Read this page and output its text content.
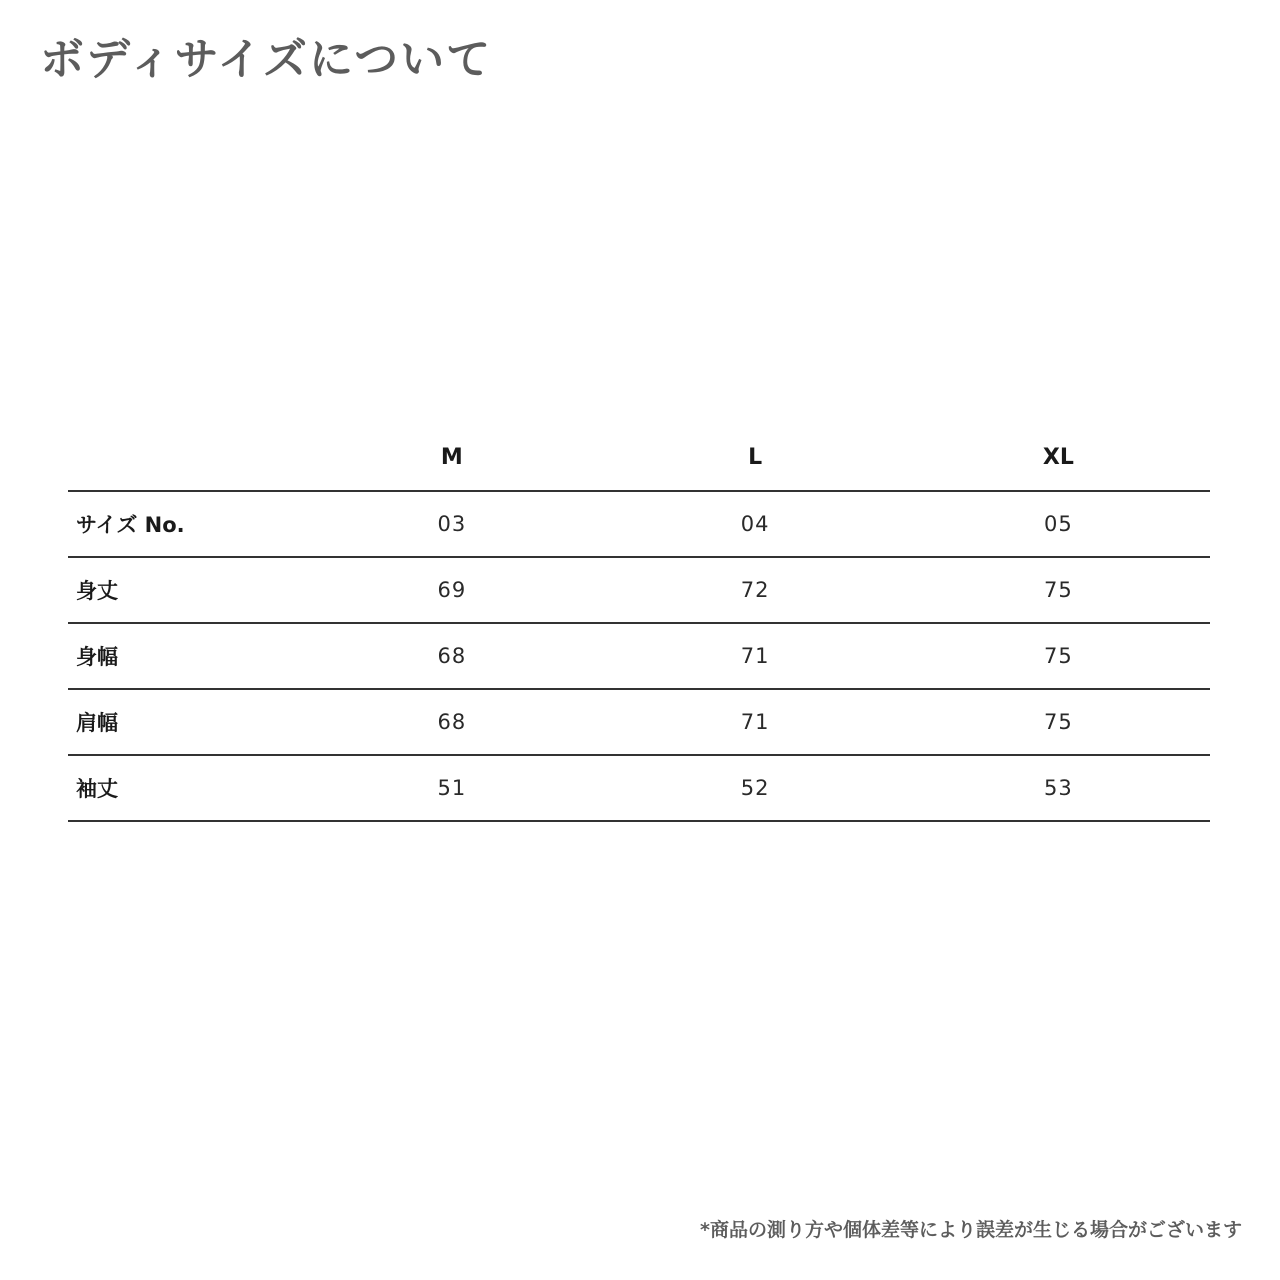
ボディサイズについて
	M	L	XL
サイズ No.	03	04	05
身丈	69	72	75
身幅	68	71	75
肩幅	68	71	75
袖丈	51	52	53
*商品の測り方や個体差等により誤差が生じる場合がございます
